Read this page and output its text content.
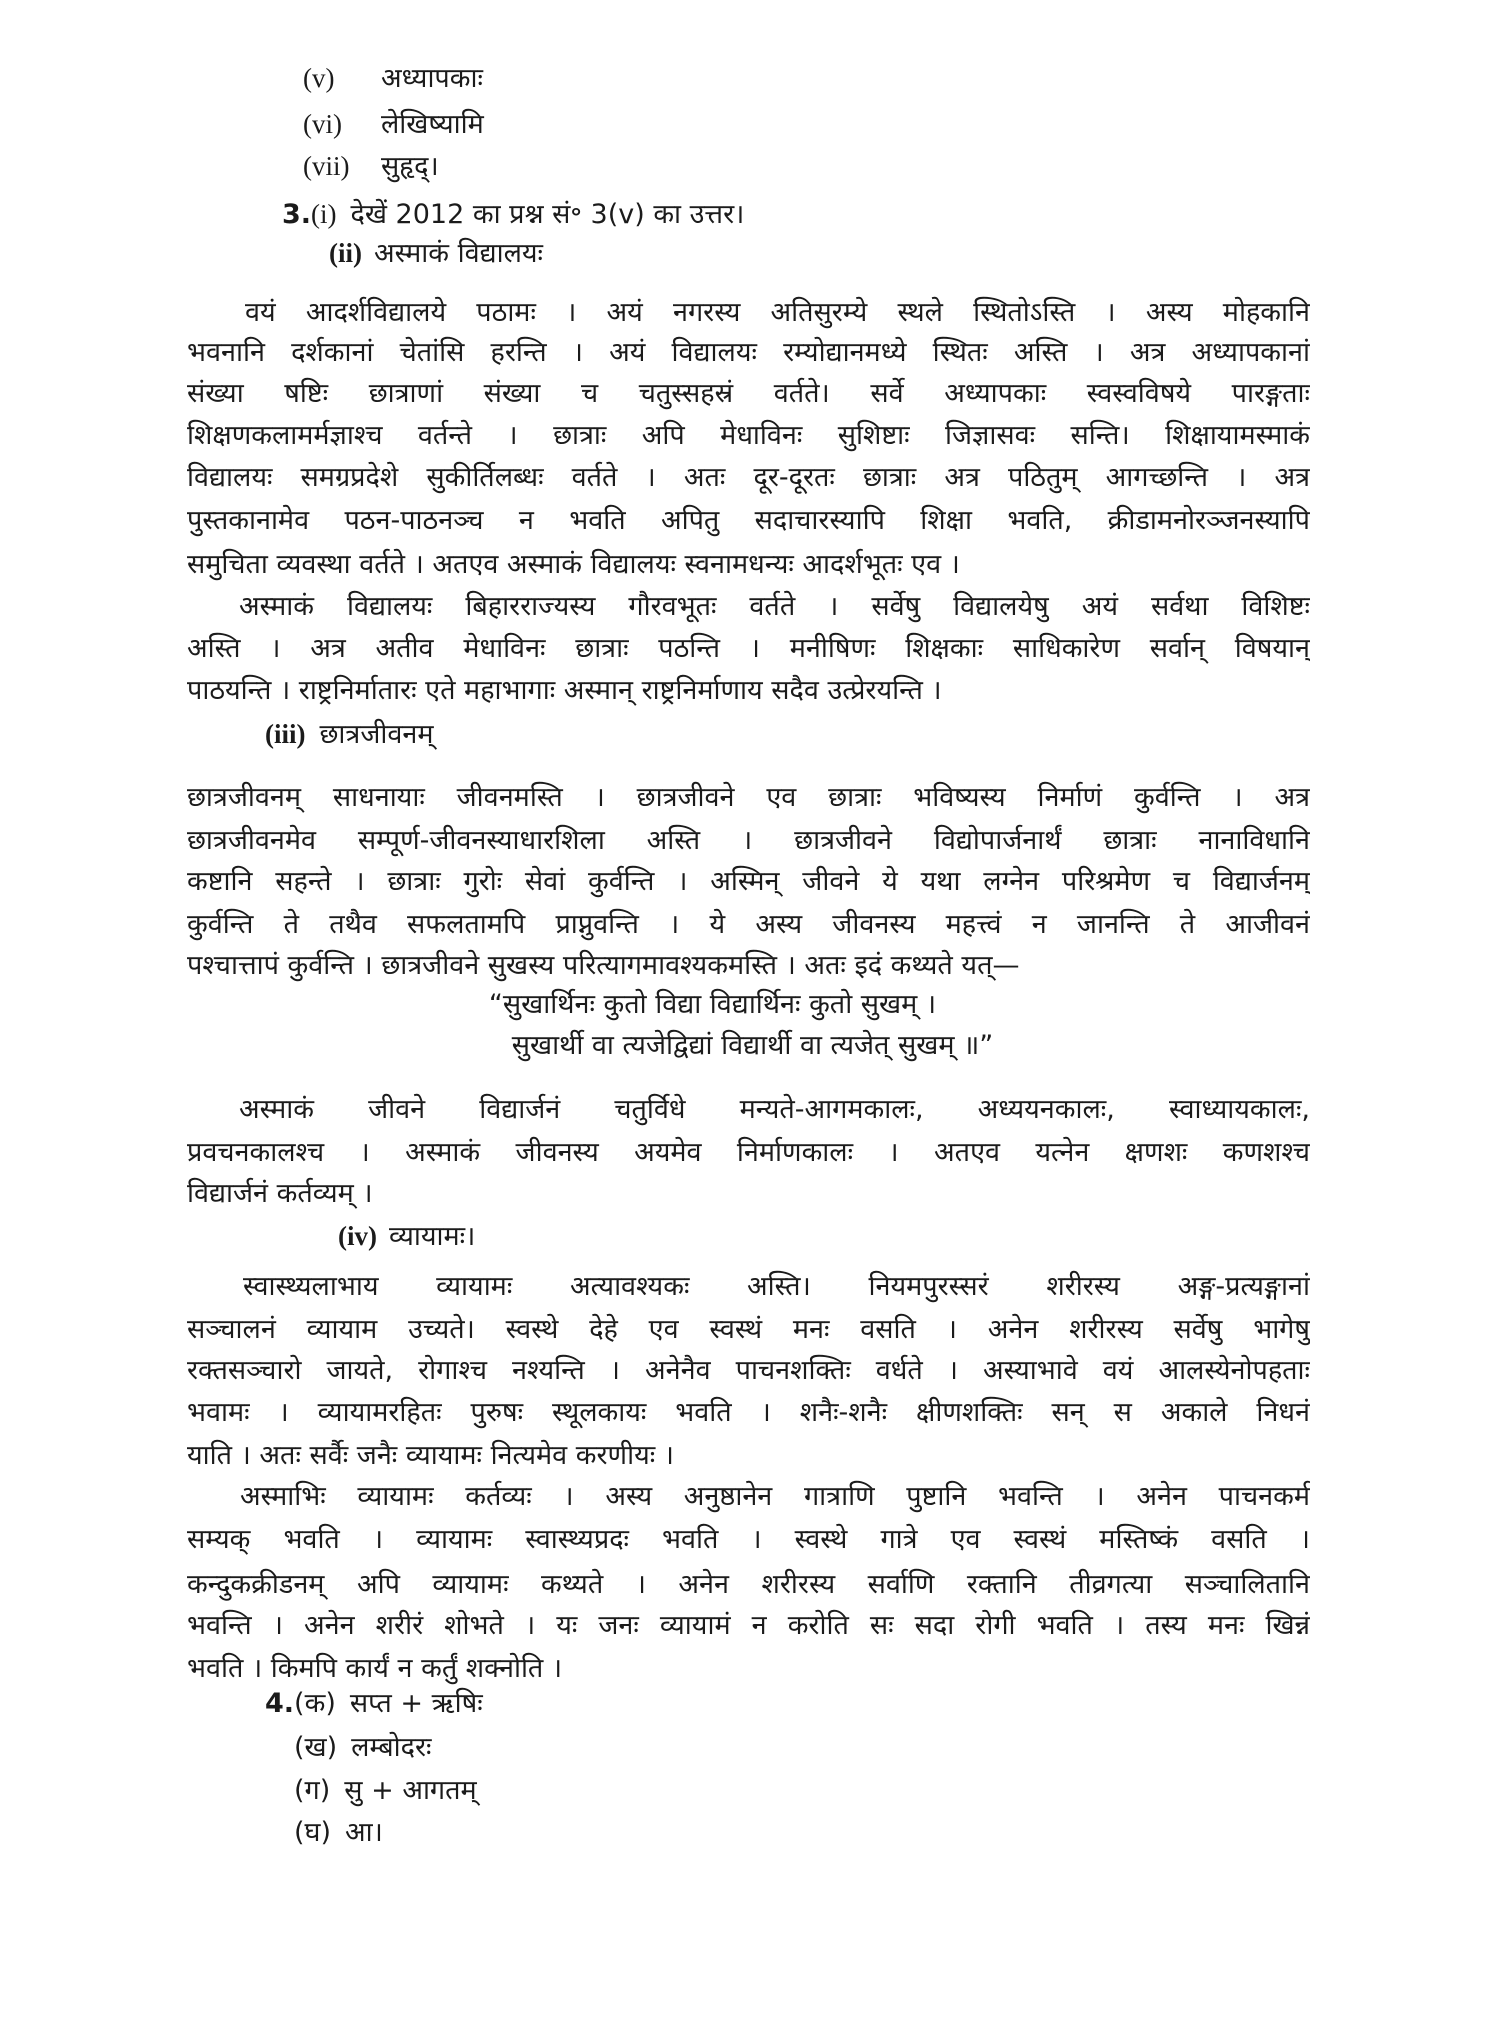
(v) अध्यापकाः
(vi) लेखिष्यामि
(vii) सुहृद्।
3.(i) देखें 2012 का प्रश्न सं॰ 3(v) का उत्तर।
(ii) अस्माकं विद्यालयः
वयं आदर्शविद्यालये पठामः । अयं नगरस्य अतिसुरम्ये स्थले स्थितोऽस्ति । अस्य मोहकानि
भवनानि दर्शकानां चेतांसि हरन्ति । अयं विद्यालयः रम्योद्यानमध्ये स्थितः अस्ति । अत्र अध्यापकानां
संख्या षष्टिः छात्राणां संख्या च चतुस्सहस्रं वर्तते। सर्वे अध्यापकाः स्वस्वविषये पारङ्गताः
शिक्षणकलामर्मज्ञाश्च वर्तन्ते । छात्राः अपि मेधाविनः सुशिष्टाः जिज्ञासवः सन्ति। शिक्षायामस्माकं
विद्यालयः समग्रप्रदेशे सुकीर्तिलब्धः वर्तते । अतः दूर-दूरतः छात्राः अत्र पठितुम् आगच्छन्ति । अत्र
पुस्तकानामेव पठन-पाठनञ्च न भवति अपितु सदाचारस्यापि शिक्षा भवति, क्रीडामनोरञ्जनस्यापि
समुचिता व्यवस्था वर्तते । अतएव अस्माकं विद्यालयः स्वनामधन्यः आदर्शभूतः एव ।
अस्माकं विद्यालयः बिहारराज्यस्य गौरवभूतः वर्तते । सर्वेषु विद्यालयेषु अयं सर्वथा विशिष्टः
अस्ति । अत्र अतीव मेधाविनः छात्राः पठन्ति । मनीषिणः शिक्षकाः साधिकारेण सर्वान् विषयान्
पाठयन्ति । राष्ट्रनिर्मातारः एते महाभागाः अस्मान् राष्ट्रनिर्माणाय सदैव उत्प्रेरयन्ति ।
(iii) छात्रजीवनम्
छात्रजीवनम् साधनायाः जीवनमस्ति । छात्रजीवने एव छात्राः भविष्यस्य निर्माणं कुर्वन्ति । अत्र
छात्रजीवनमेव सम्पूर्ण-जीवनस्याधारशिला अस्ति । छात्रजीवने विद्योपार्जनार्थं छात्राः नानाविधानि
कष्टानि सहन्ते । छात्राः गुरोः सेवां कुर्वन्ति । अस्मिन् जीवने ये यथा लग्नेन परिश्रमेण च विद्यार्जनम्
कुर्वन्ति ते तथैव सफलतामपि प्राप्नुवन्ति । ये अस्य जीवनस्य महत्त्वं न जानन्ति ते आजीवनं
पश्चात्तापं कुर्वन्ति । छात्रजीवने सुखस्य परित्यागमावश्यकमस्ति । अतः इदं कथ्यते यत्—
“सुखार्थिनः कुतो विद्या विद्यार्थिनः कुतो सुखम् ।
सुखार्थी वा त्यजेद्विद्यां विद्यार्थी वा त्यजेत् सुखम् ॥”
अस्माकं जीवने विद्यार्जनं चतुर्विधे मन्यते-आगमकालः, अध्ययनकालः, स्वाध्यायकालः,
प्रवचनकालश्च । अस्माकं जीवनस्य अयमेव निर्माणकालः । अतएव यत्नेन क्षणशः कणशश्च
विद्यार्जनं कर्तव्यम् ।
(iv) व्यायामः।
स्वास्थ्यलाभाय व्यायामः अत्यावश्यकः अस्ति। नियमपुरस्सरं शरीरस्य अङ्ग-प्रत्यङ्गानां
सञ्चालनं व्यायाम उच्यते। स्वस्थे देहे एव स्वस्थं मनः वसति । अनेन शरीरस्य सर्वेषु भागेषु
रक्तसञ्चारो जायते, रोगाश्च नश्यन्ति । अनेनैव पाचनशक्तिः वर्धते । अस्याभावे वयं आलस्येनोपहताः
भवामः । व्यायामरहितः पुरुषः स्थूलकायः भवति । शनैः-शनैः क्षीणशक्तिः सन् स अकाले निधनं
याति । अतः सर्वैः जनैः व्यायामः नित्यमेव करणीयः ।
अस्माभिः व्यायामः कर्तव्यः । अस्य अनुष्ठानेन गात्राणि पुष्टानि भवन्ति । अनेन पाचनकर्म
सम्यक् भवति । व्यायामः स्वास्थ्यप्रदः भवति । स्वस्थे गात्रे एव स्वस्थं मस्तिष्कं वसति ।
कन्दुकक्रीडनम् अपि व्यायामः कथ्यते । अनेन शरीरस्य सर्वाणि रक्तानि तीव्रगत्या सञ्चालितानि
भवन्ति । अनेन शरीरं शोभते । यः जनः व्यायामं न करोति सः सदा रोगी भवति । तस्य मनः खिन्नं
भवति । किमपि कार्यं न कर्तुं शक्नोति ।
4.(क) सप्त + ऋषिः
(ख) लम्बोदरः
(ग) सु + आगतम्
(घ) आ।
